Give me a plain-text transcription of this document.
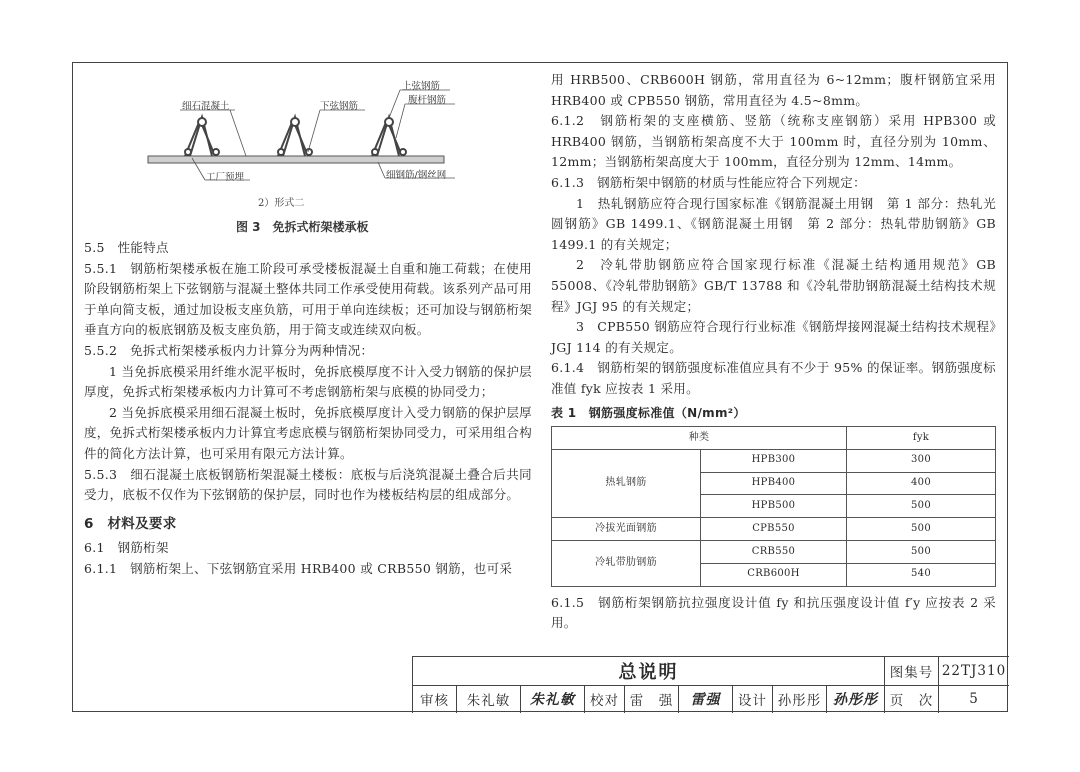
上弦钢筋
细石混凝土	下弦钢筋
腹杆钢筋
工厂预埋	细钢筋/钢丝网
2）形式二
图 3　免拆式桁架楼承板

5.5　性能特点

5.5.1　钢筋桁架楼承板在施工阶段可承受楼板混凝土自重和施工荷载；在使用阶段钢筋桁架上下弦钢筋与混凝土整体共同工作承受使用荷载。该系列产品可用于单向简支板，通过加设板支座负筋，可用于单向连续板；还可加设与钢筋桁架垂直方向的板底钢筋及板支座负筋，用于简支或连续双向板。

5.5.2　免拆式桁架楼承板内力计算分为两种情况：

1 当免拆底模采用纤维水泥平板时，免拆底模厚度不计入受力钢筋的保护层厚度，免拆式桁架楼承板内力计算可不考虑钢筋桁架与底模的协同受力；

2 当免拆底模采用细石混凝土板时，免拆底模厚度计入受力钢筋的保护层厚度，免拆式桁架楼承板内力计算宜考虑底模与钢筋桁架协同受力，可采用组合构件的简化方法计算，也可采用有限元方法计算。

5.5.3　细石混凝土底板钢筋桁架混凝土楼板：底板与后浇筑混凝土叠合后共同受力，底板不仅作为下弦钢筋的保护层，同时也作为楼板结构层的组成部分。

6　材料及要求

6.1　钢筋桁架

6.1.1　钢筋桁架上、下弦钢筋宜采用 HRB400 或 CRB550 钢筋，也可采

用 HRB500、CRB600H 钢筋，常用直径为 6~12mm；腹杆钢筋宜采用 HRB400 或 CPB550 钢筋，常用直径为 4.5~8mm。

6.1.2　钢筋桁架的支座横筋、竖筋（统称支座钢筋）采用 HPB300 或 HRB400 钢筋，当钢筋桁架高度不大于 100mm 时，直径分别为 10mm、12mm；当钢筋桁架高度大于 100mm，直径分别为 12mm、14mm。

6.1.3　钢筋桁架中钢筋的材质与性能应符合下列规定：

1　热轧钢筋应符合现行国家标准《钢筋混凝土用钢　第 1 部分：热轧光圆钢筋》GB 1499.1、《钢筋混凝土用钢　第 2 部分：热轧带肋钢筋》GB 1499.1 的有关规定；

2　冷轧带肋钢筋应符合国家现行标准《混凝土结构通用规范》GB 55008、《冷轧带肋钢筋》GB/T 13788 和《冷轧带肋钢筋混凝土结构技术规程》JGJ 95 的有关规定；

3　CPB550 钢筋应符合现行行业标准《钢筋焊接网混凝土结构技术规程》JGJ 114 的有关规定。

6.1.4　钢筋桁架的钢筋强度标准值应具有不少于 95% 的保证率。钢筋强度标准值 fyk 应按表 1 采用。

表 1　钢筋强度标准值（N/mm²）

种类		fyk
热轧钢筋	HPB300	300
	HPB400	400
	HPB500	500
冷拔光面钢筋	CPB550	500
冷轧带肋钢筋	CRB550	500
	CRB600H	540

6.1.5　钢筋桁架钢筋抗拉强度设计值 fy 和抗压强度设计值 f′y 应按表 2 采用。

总说明	图集号 22TJ310
审核	朱礼敏	朱礼敏	校对 雷　强	雷强	设计 孙彤彤 孙彤彤 页　次	5
